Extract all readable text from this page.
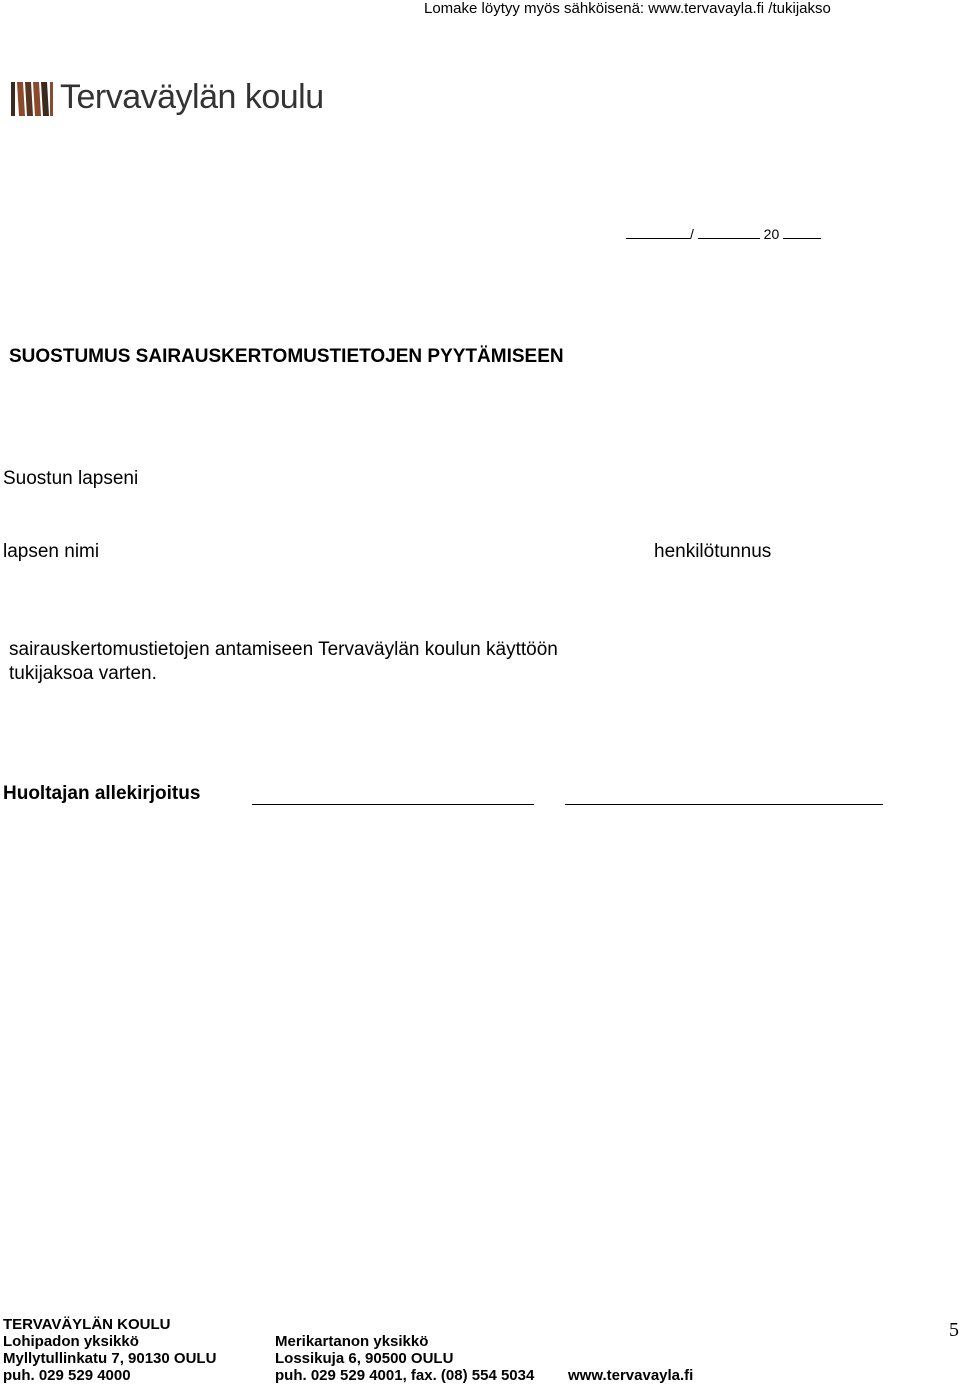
Lomake löytyy myös sähköisenä: www.tervavayla.fi /tukijakso
Tervaväylän koulu
/	20
SUOSTUMUS SAIRAUSKERTOMUSTIETOJEN PYYTÄMISEEN
Suostun lapseni
lapsen nimi	henkilötunnus
sairauskertomustietojen antamiseen Tervaväylän koulun käyttöön tukijaksoa varten.
Huoltajan allekirjoitus
TERVAVÄYLÄN KOULU
Lohipadon yksikkö
Myllytullinkatu 7, 90130 OULU
puh. 029 529 4000
Merikartanon yksikkö
Lossikuja 6, 90500 OULU
puh. 029 529 4001, fax. (08) 554 5034 www.tervavayla.fi
5
